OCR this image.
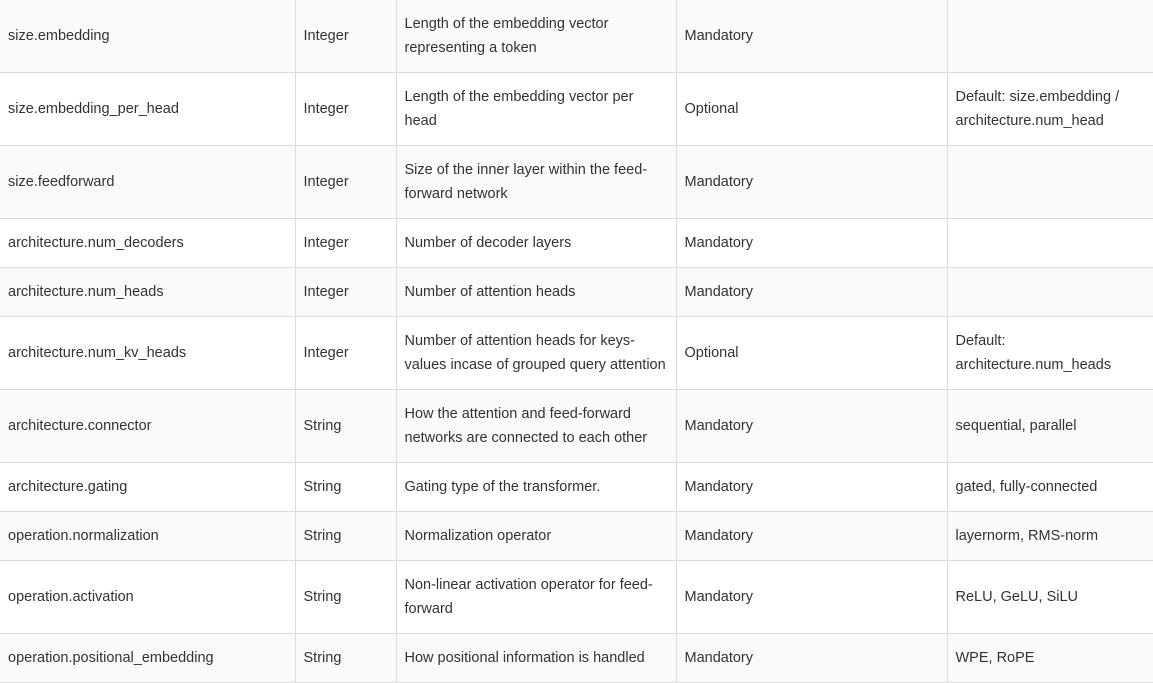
size.embedding	Integer	Length of the embedding vector representing a token	Mandatory	
size.embedding_per_head	Integer	Length of the embedding vector per head	Optional	Default: size.embedding / architecture.num_head
size.feedforward	Integer	Size of the inner layer within the feed-forward network	Mandatory	
architecture.num_decoders	Integer	Number of decoder layers	Mandatory	
architecture.num_heads	Integer	Number of attention heads	Mandatory	
architecture.num_kv_heads	Integer	Number of attention heads for keys-values incase of grouped query attention	Optional	Default: architecture.num_heads
architecture.connector	String	How the attention and feed-forward networks are connected to each other	Mandatory	sequential, parallel
architecture.gating	String	Gating type of the transformer.	Mandatory	gated, fully-connected
operation.normalization	String	Normalization operator	Mandatory	layernorm, RMS-norm
operation.activation	String	Non-linear activation operator for feed-forward	Mandatory	ReLU, GeLU, SiLU
operation.positional_embedding	String	How positional information is handled	Mandatory	WPE, RoPE
